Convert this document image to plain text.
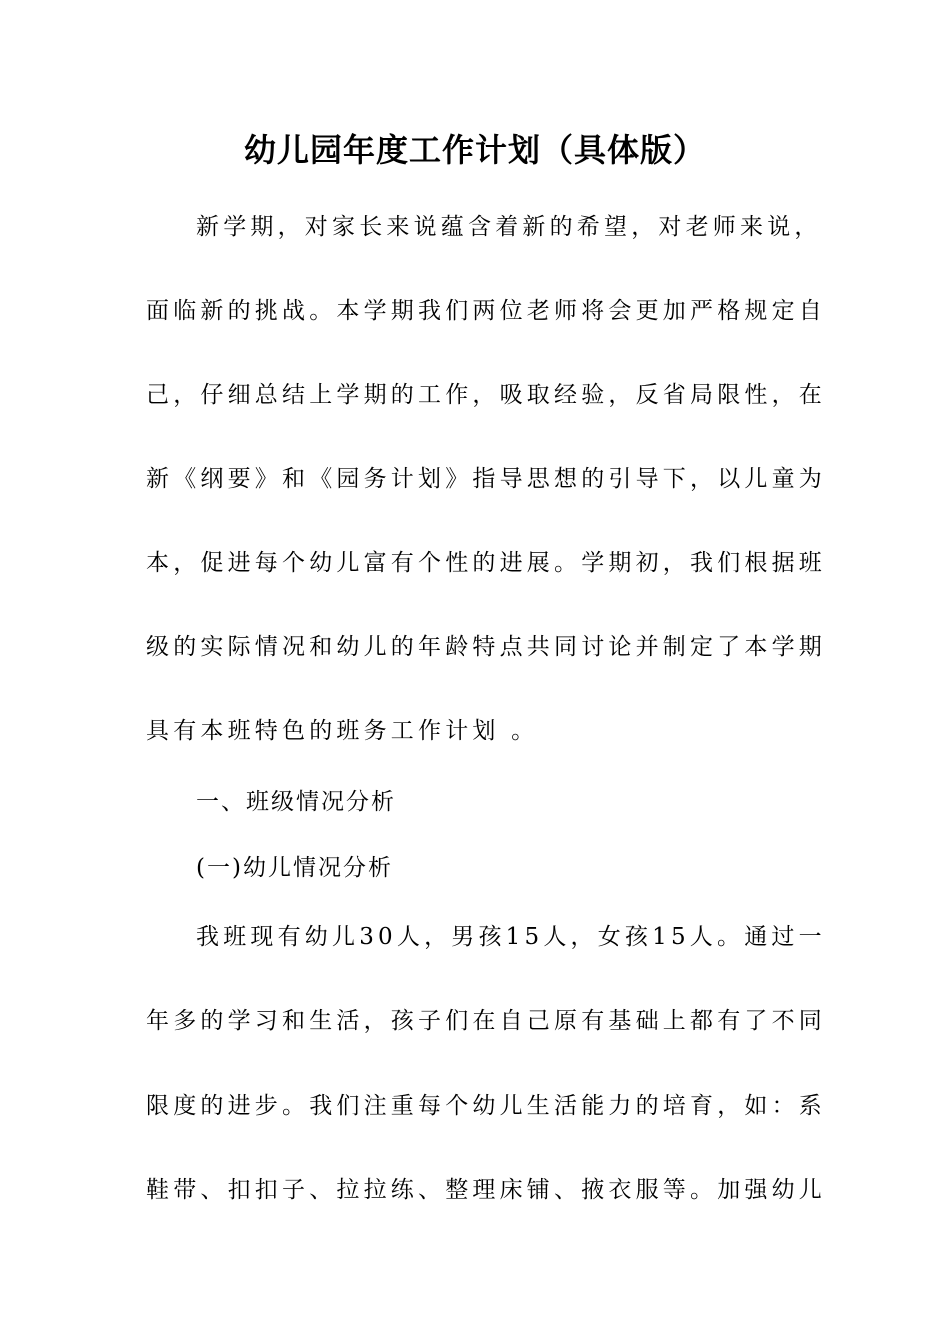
幼儿园年度工作计划（具体版）
新学期，对家长来说蕴含着新的希望，对老师来说，
面临新的挑战。本学期我们两位老师将会更加严格规定自
己，仔细总结上学期的工作，吸取经验，反省局限性，在
新《纲要》和《园务计划》指导思想的引导下，以儿童为
本，促进每个幼儿富有个性的进展。学期初，我们根据班
级的实际情况和幼儿的年龄特点共同讨论并制定了本学期
具有本班特色的班务工作计划 。
一、班级情况分析
(一)幼儿情况分析
我班现有幼儿30人，男孩15人，女孩15人。通过一
年多的学习和生活，孩子们在自己原有基础上都有了不同
限度的进步。我们注重每个幼儿生活能力的培育，如：系
鞋带、扣扣子、拉拉练、整理床铺、掖衣服等。加强幼儿
